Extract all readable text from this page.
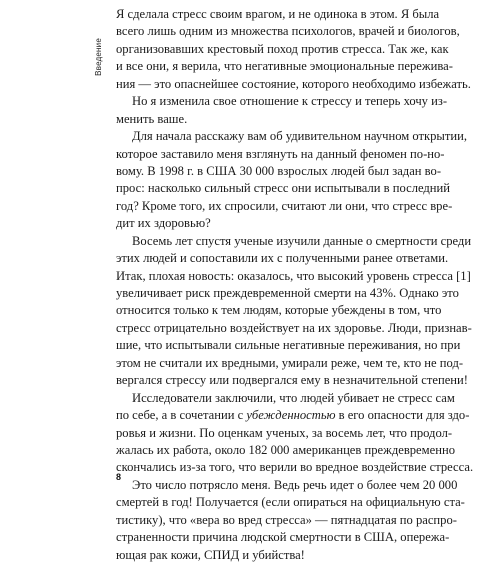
Введение
Я сделала стресс своим врагом, и не одинока в этом. Я была
всего лишь одним из множества психологов, врачей и биологов,
организовавших крестовый поход против стресса. Так же, как
и все они, я верила, что негативные эмоциональные пережива-
ния — это опаснейшее состояние, которого необходимо избежать.
Но я изменила свое отношение к стрессу и теперь хочу из-
менить ваше.
Для начала расскажу вам об удивительном научном открытии,
которое заставило меня взглянуть на данный феномен по-но-
вому. В 1998 г. в США 30 000 взрослых людей был задан во-
прос: насколько сильный стресс они испытывали в последний
год? Кроме того, их спросили, считают ли они, что стресс вре-
дит их здоровью?
Восемь лет спустя ученые изучили данные о смертности среди
этих людей и сопоставили их с полученными ранее ответами.
Итак, плохая новость: оказалось, что высокий уровень стресса [1]
увеличивает риск преждевременной смерти на 43%. Однако это
относится только к тем людям, которые убеждены в том, что
стресс отрицательно воздействует на их здоровье. Люди, признав-
шие, что испытывали сильные негативные переживания, но при
этом не считали их вредными, умирали реже, чем те, кто не под-
вергался стрессу или подвергался ему в незначительной степени!
Исследователи заключили, что людей убивает не стресс сам
по себе, а в сочетании с убежденностью в его опасности для здо-
ровья и жизни. По оценкам ученых, за восемь лет, что продол-
жалась их работа, около 182 000 американцев преждевременно
скончались из-за того, что верили во вредное воздействие стресса.
Это число потрясло меня. Ведь речь идет о более чем 20 000
смертей в год! Получается (если опираться на официальную ста-
тистику), что «вера во вред стресса» — пятнадцатая по распро-
страненности причина людской смертности в США, опережа-
ющая рак кожи, СПИД и убийства!
8
